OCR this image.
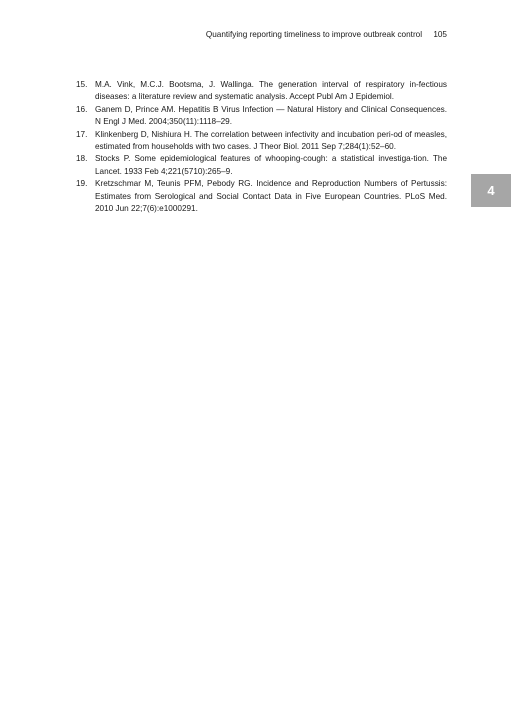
Quantifying reporting timeliness to improve outbreak control 105
15. M.A. Vink, M.C.J. Bootsma, J. Wallinga. The generation interval of respiratory in-fectious diseases: a literature review and systematic analysis. Accept Publ Am J Epidemiol.
16. Ganem D, Prince AM. Hepatitis B Virus Infection — Natural History and Clinical Consequences. N Engl J Med. 2004;350(11):1118–29.
17. Klinkenberg D, Nishiura H. The correlation between infectivity and incubation peri-od of measles, estimated from households with two cases. J Theor Biol. 2011 Sep 7;284(1):52–60.
18. Stocks P. Some epidemiological features of whooping-cough: a statistical investiga-tion. The Lancet. 1933 Feb 4;221(5710):265–9.
19. Kretzschmar M, Teunis PFM, Pebody RG. Incidence and Reproduction Numbers of Pertussis: Estimates from Serological and Social Contact Data in Five European Countries. PLoS Med. 2010 Jun 22;7(6):e1000291.
4
